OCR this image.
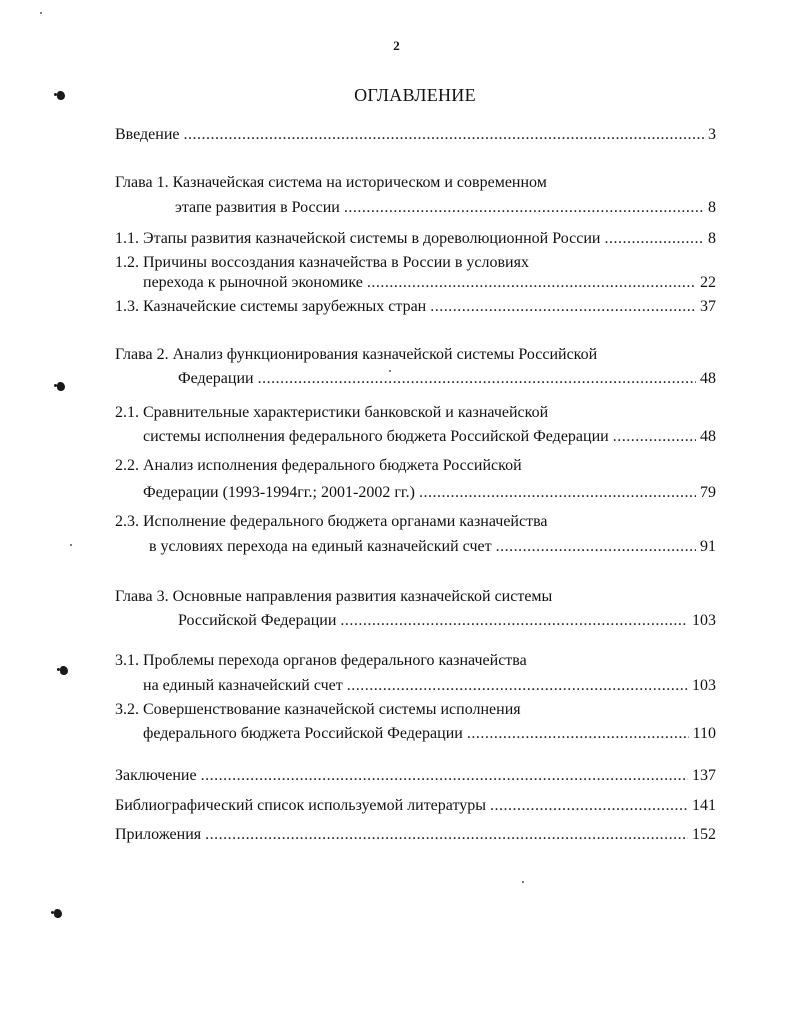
2
ОГЛАВЛЕНИЕ
Введение .....	3
Глава 1. Казначейская система на историческом и современном
этапе развития в России .....	8
1.1. Этапы развития казначейской системы в дореволюционной России .....	8
1.2. Причины воссоздания казначейства в России в условиях
перехода к рыночной экономике .....	22
1.3. Казначейские системы зарубежных стран .....	37
Глава 2. Анализ функционирования казначейской системы Российской
Федерации .....	48
2.1. Сравнительные характеристики банковской и казначейской
системы исполнения федерального бюджета Российской Федерации .....	48
2.2. Анализ исполнения федерального бюджета Российской
Федерации (1993-1994гг.; 2001-2002 гг.) .....	79
2.3. Исполнение федерального бюджета органами казначейства
в условиях перехода на единый казначейский счет .....	91
Глава 3. Основные направления развития казначейской системы
Российской Федерации .....	103
3.1. Проблемы перехода органов федерального казначейства
на единый казначейский счет .....	103
3.2. Совершенствование казначейской системы исполнения
федерального бюджета Российской Федерации .....	110
Заключение .....	137
Библиографический список используемой литературы .....	141
Приложения .....	152
